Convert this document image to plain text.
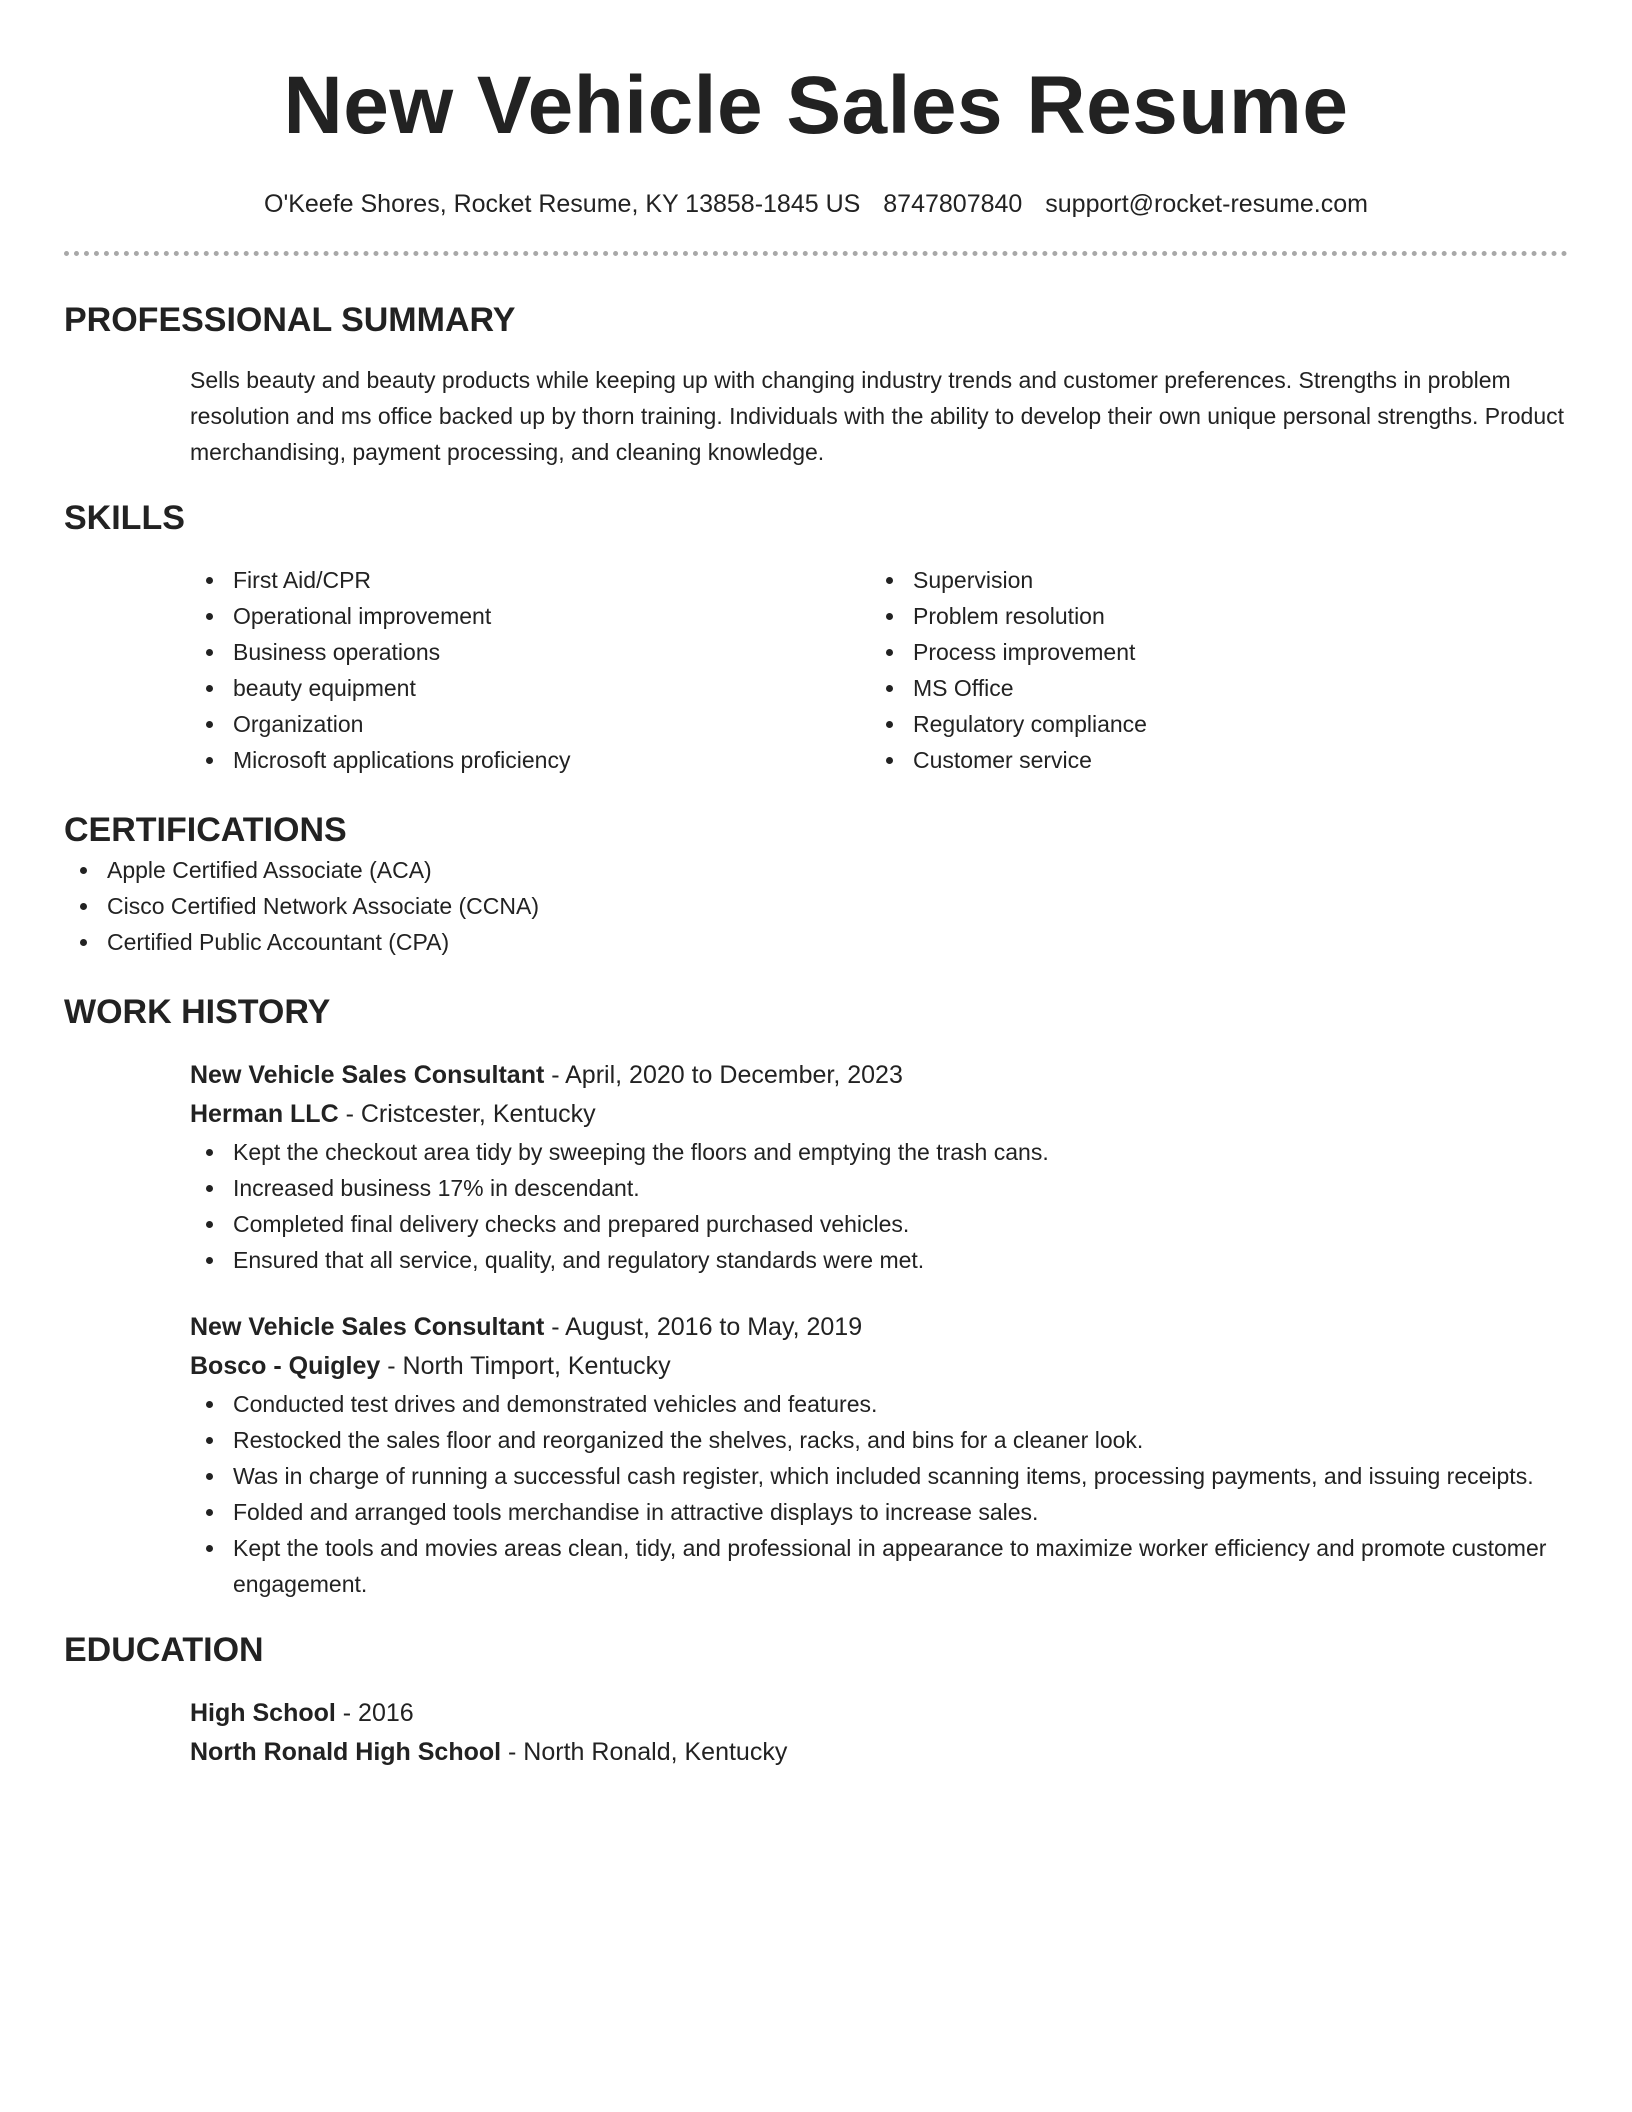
New Vehicle Sales Resume
O'Keefe Shores, Rocket Resume, KY 13858-1845 US 8747807840 support@rocket-resume.com
PROFESSIONAL SUMMARY
Sells beauty and beauty products while keeping up with changing industry trends and customer preferences. Strengths in problem resolution and ms office backed up by thorn training. Individuals with the ability to develop their own unique personal strengths. Product merchandising, payment processing, and cleaning knowledge.
SKILLS
First Aid/CPR
Operational improvement
Business operations
beauty equipment
Organization
Microsoft applications proficiency
Supervision
Problem resolution
Process improvement
MS Office
Regulatory compliance
Customer service
CERTIFICATIONS
Apple Certified Associate (ACA)
Cisco Certified Network Associate (CCNA)
Certified Public Accountant (CPA)
WORK HISTORY
New Vehicle Sales Consultant - April, 2020 to December, 2023
Herman LLC - Cristcester, Kentucky
Kept the checkout area tidy by sweeping the floors and emptying the trash cans.
Increased business 17% in descendant.
Completed final delivery checks and prepared purchased vehicles.
Ensured that all service, quality, and regulatory standards were met.
New Vehicle Sales Consultant - August, 2016 to May, 2019
Bosco - Quigley - North Timport, Kentucky
Conducted test drives and demonstrated vehicles and features.
Restocked the sales floor and reorganized the shelves, racks, and bins for a cleaner look.
Was in charge of running a successful cash register, which included scanning items, processing payments, and issuing receipts.
Folded and arranged tools merchandise in attractive displays to increase sales.
Kept the tools and movies areas clean, tidy, and professional in appearance to maximize worker efficiency and promote customer engagement.
EDUCATION
High School - 2016
North Ronald High School - North Ronald, Kentucky
